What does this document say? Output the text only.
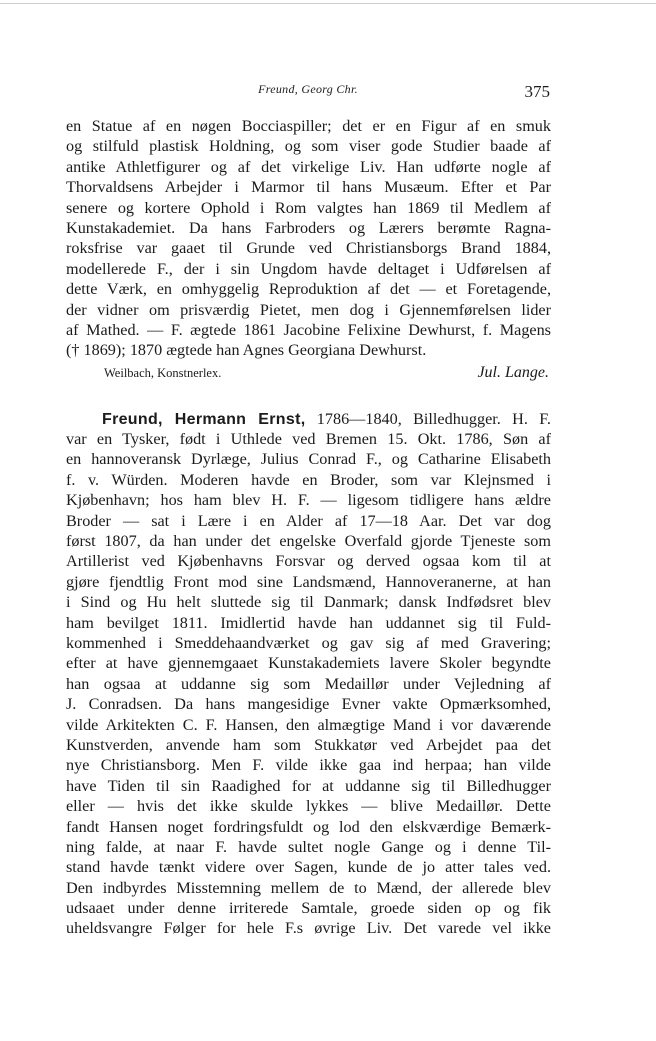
Freund, Georg Chr.	375
en Statue af en nøgen Bocciaspiller; det er en Figur af en smuk
og stilfuld plastisk Holdning, og som viser gode Studier baade af
antike Athletfigurer og af det virkelige Liv. Han udførte nogle af
Thorvaldsens Arbejder i Marmor til hans Musæum. Efter et Par
senere og kortere Ophold i Rom valgtes han 1869 til Medlem af
Kunstakademiet. Da hans Farbroders og Lærers berømte Ragna-
roksfrise var gaaet til Grunde ved Christiansborgs Brand 1884,
modellerede F., der i sin Ungdom havde deltaget i Udførelsen af
dette Værk, en omhyggelig Reproduktion af det — et Foretagende,
der vidner om prisværdig Pietet, men dog i Gjennemførelsen lider
af Mathed. — F. ægtede 1861 Jacobine Felixine Dewhurst, f. Magens
(† 1869); 1870 ægtede han Agnes Georgiana Dewhurst.
Weilbach, Konstnerlex.	Jul. Lange.
Freund, Hermann Ernst, 1786—1840, Billedhugger. H. F.
var en Tysker, født i Uthlede ved Bremen 15. Okt. 1786, Søn af
en hannoveransk Dyrlæge, Julius Conrad F., og Catharine Elisabeth
f. v. Würden. Moderen havde en Broder, som var Klejnsmed i
Kjøbenhavn; hos ham blev H. F. — ligesom tidligere hans ældre
Broder — sat i Lære i en Alder af 17—18 Aar. Det var dog
først 1807, da han under det engelske Overfald gjorde Tjeneste som
Artillerist ved Kjøbenhavns Forsvar og derved ogsaa kom til at
gjøre fjendtlig Front mod sine Landsmænd, Hannoveranerne, at han
i Sind og Hu helt sluttede sig til Danmark; dansk Indfødsret blev
ham bevilget 1811. Imidlertid havde han uddannet sig til Fuld-
kommenhed i Smeddehaandværket og gav sig af med Gravering;
efter at have gjennemgaaet Kunstakademiets lavere Skoler begyndte
han ogsaa at uddanne sig som Medaillør under Vejledning af
J. Conradsen. Da hans mangesidige Evner vakte Opmærksomhed,
vilde Arkitekten C. F. Hansen, den almægtige Mand i vor daværende
Kunstverden, anvende ham som Stukkatør ved Arbejdet paa det
nye Christiansborg. Men F. vilde ikke gaa ind herpaa; han vilde
have Tiden til sin Raadighed for at uddanne sig til Billedhugger
eller — hvis det ikke skulde lykkes — blive Medaillør. Dette
fandt Hansen noget fordringsfuldt og lod den elskværdige Bemærk-
ning falde, at naar F. havde sultet nogle Gange og i denne Til-
stand havde tænkt videre over Sagen, kunde de jo atter tales ved.
Den indbyrdes Misstemning mellem de to Mænd, der allerede blev
udsaaet under denne irriterede Samtale, groede siden op og fik
uheldsvangre Følger for hele F.s øvrige Liv. Det varede vel ikke
